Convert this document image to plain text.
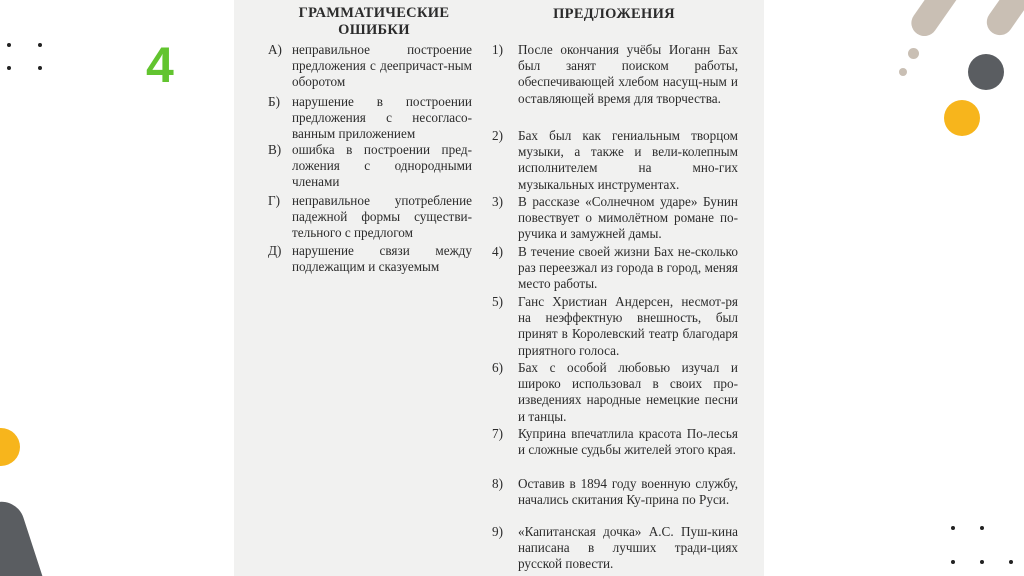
4
ГРАММАТИЧЕСКИЕ
ОШИБКИ
ПРЕДЛОЖЕНИЯ
А) неправильное построение предложения с деепричаст-ным оборотом
Б) нарушение в построении предложения с несогласо-ванным приложением
В) ошибка в построении пред-ложения с однородными членами
Г) неправильное употребление падежной формы существи-тельного с предлогом
Д) нарушение связи между подлежащим и сказуемым
1) После окончания учёбы Иоганн Бах был занят поиском работы, обеспечивающей хлебом насущ-ным и оставляющей время для творчества.
2) Бах был как гениальным творцом музыки, а также и вели-колепным исполнителем на мно-гих музыкальных инструментах.
3) В рассказе «Солнечном ударе» Бунин повествует о мимолётном романе по-ручика и замужней дамы.
4) В течение своей жизни Бах не-сколько раз переезжал из города в город, меняя место работы.
5) Ганс Христиан Андерсен, несмот-ря на неэффектную внешность, был принят в Королевский театр благодаря приятного голоса.
6) Бах с особой любовью изучал и широко использовал в своих про-изведениях народные немецкие песни и танцы.
7) Куприна впечатлила красота По-лесья и сложные судьбы жителей этого края.
8) Оставив в 1894 году военную службу, начались скитания Ку-прина по Руси.
9) «Капитанская дочка» А.С. Пуш-кина написана в лучших тради-циях русской повести.
